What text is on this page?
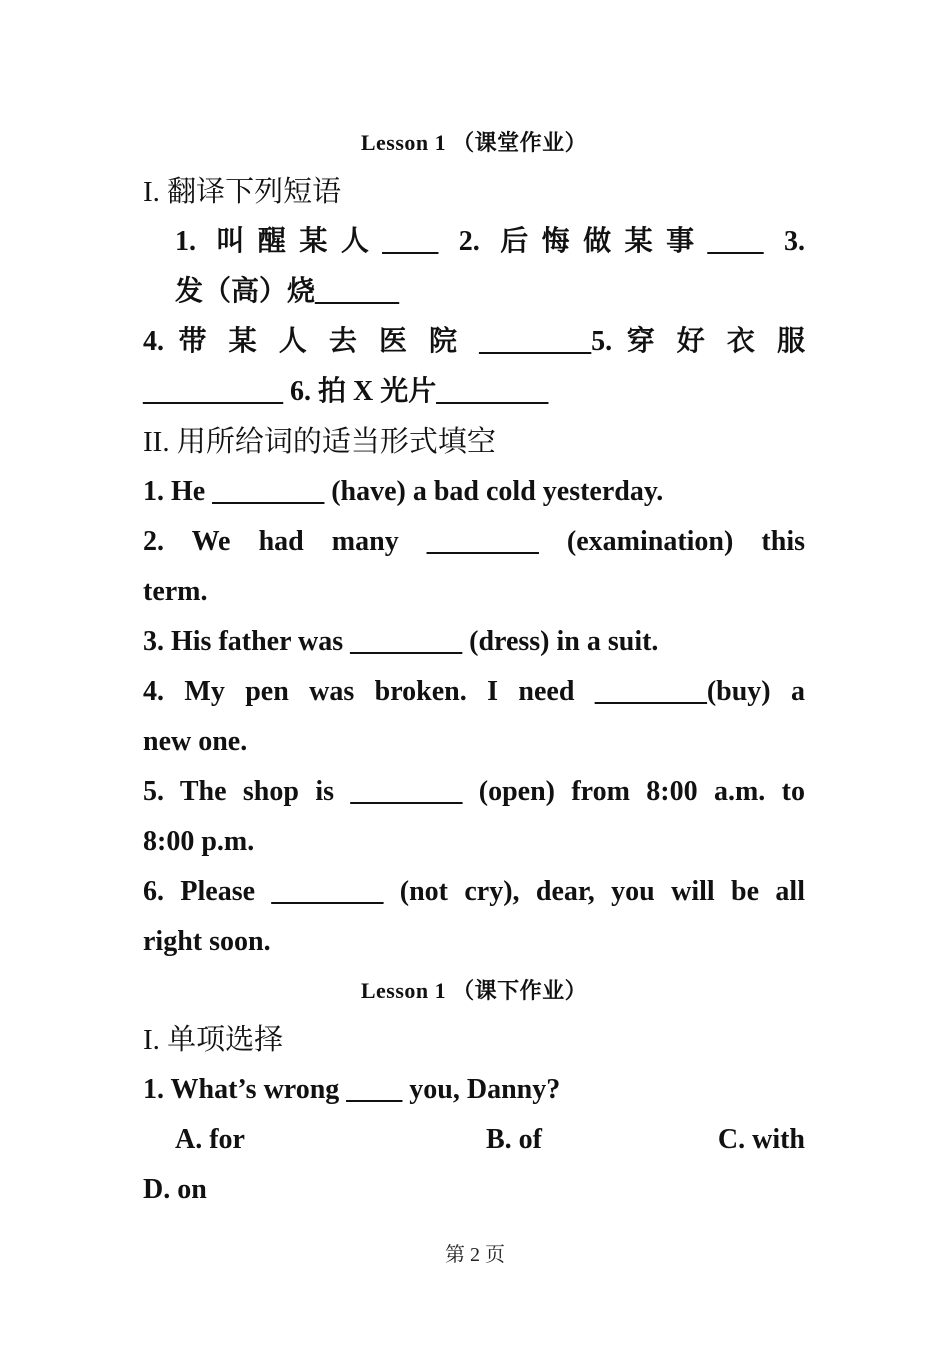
Lesson 1 （课堂作业）
I. 翻译下列短语
1. 叫醒某人____ 2. 后悔做某事____ 3.
发（高）烧______
4. 带 某 人 去 医 院 ________5. 穿 好 衣 服
__________ 6. 拍 X 光片________
II. 用所给词的适当形式填空
1. He ________ (have) a bad cold yesterday.
2. We had many ________ (examination) this
term.
3. His father was ________ (dress) in a suit.
4. My pen was broken. I need ________(buy) a
new one.
5. The shop is ________ (open) from 8:00 a.m. to
8:00 p.m.
6. Please ________ (not cry), dear, you will be all
right soon.
Lesson 1 （课下作业）
I. 单项选择
1. What’s wrong ____ you, Danny?
A. for	B. of	C. with
D. on
第 2 页
